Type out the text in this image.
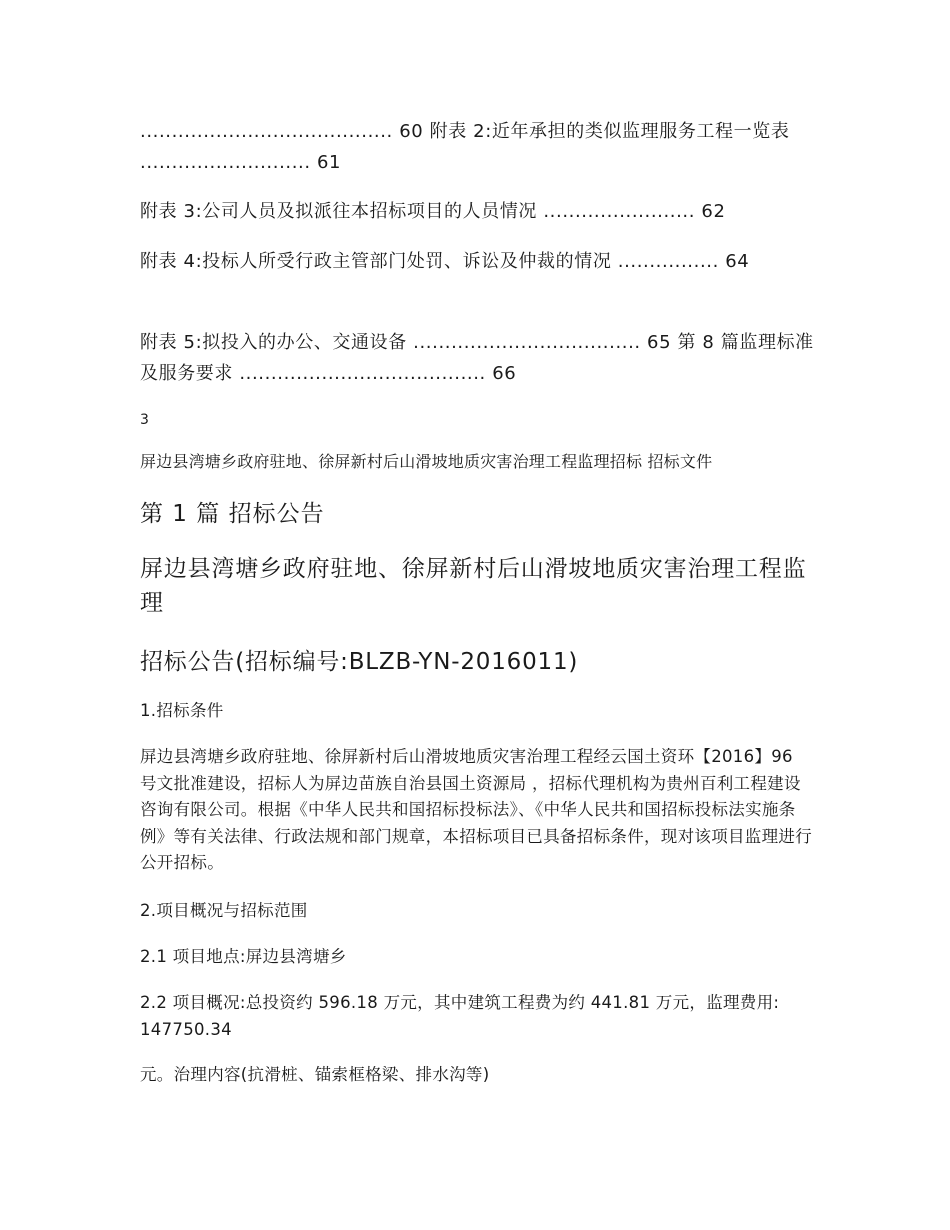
........................................ 60 附表 2:近年承担的类似监理服务工程一览表 ........................... 61

附表 3:公司人员及拟派往本招标项目的人员情况 ........................ 62

附表 4:投标人所受行政主管部门处罚、诉讼及仲裁的情况 ................ 64

附表 5:拟投入的办公、交通设备 .................................... 65 第 8 篇监理标准及服务要求 ....................................... 66

3

屏边县湾塘乡政府驻地、徐屏新村后山滑坡地质灾害治理工程监理招标 招标文件

第 1 篇 招标公告

屏边县湾塘乡政府驻地、徐屏新村后山滑坡地质灾害治理工程监理

招标公告(招标编号:BLZB-YN-2016011)

1.招标条件

屏边县湾塘乡政府驻地、徐屏新村后山滑坡地质灾害治理工程经云国土资环【2016】96 号文批准建设，招标人为屏边苗族自治县国土资源局 ，招标代理机构为贵州百利工程建设咨询有限公司。根据《中华人民共和国招标投标法》、《中华人民共和国招标投标法实施条例》等有关法律、行政法规和部门规章，本招标项目已具备招标条件，现对该项目监理进行公开招标。

2.项目概况与招标范围

2.1 项目地点:屏边县湾塘乡

2.2 项目概况:总投资约 596.18 万元，其中建筑工程费为约 441.81 万元，监理费用: 147750.34

元。治理内容(抗滑桩、锚索框格梁、排水沟等)
